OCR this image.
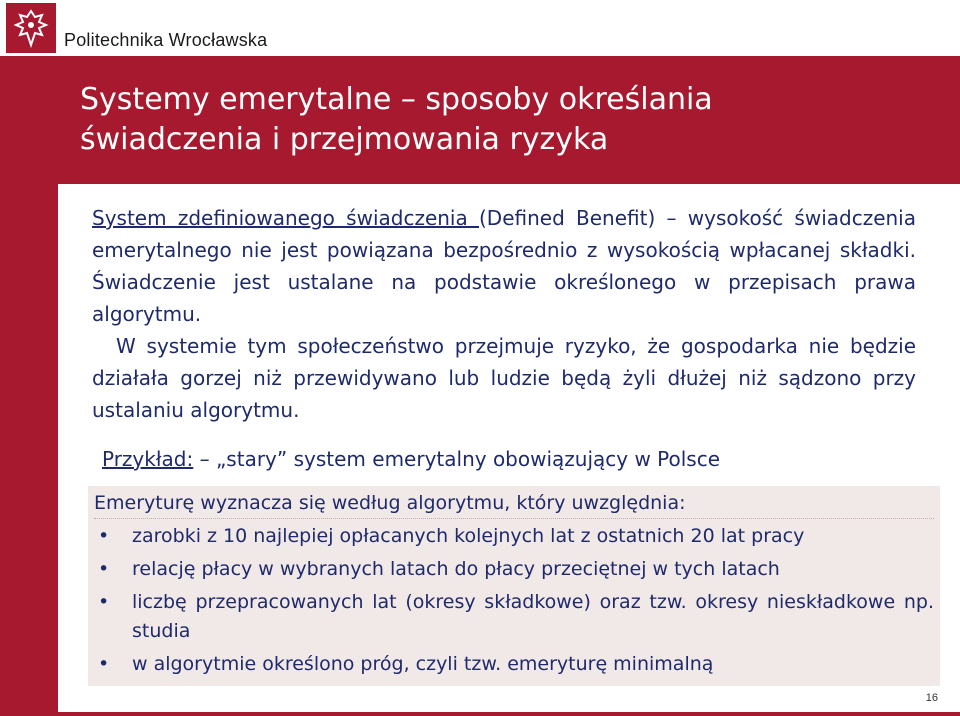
Politechnika Wrocławska
Systemy emerytalne – sposoby określania
świadczenia i przejmowania ryzyka

System zdefiniowanego świadczenia (Defined Benefit) – wysokość świadczenia emerytalnego nie jest powiązana bezpośrednio z wysokością wpłacanej składki. Świadczenie jest ustalane na podstawie określonego w przepisach prawa algorytmu.

W systemie tym społeczeństwo przejmuje ryzyko, że gospodarka nie będzie działała gorzej niż przewidywano lub ludzie będą żyli dłużej niż sądzono przy ustalaniu algorytmu.

Przykład: – „stary” system emerytalny obowiązujący w Polsce
Emeryturę wyznacza się według algorytmu, który uwzględnia:
• zarobki z 10 najlepiej opłacanych kolejnych lat z ostatnich 20 lat pracy
• relację płacy w wybranych latach do płacy przeciętnej w tych latach
• liczbę przepracowanych lat (okresy składkowe) oraz tzw. okresy nieskładkowe np. studia
• w algorytmie określono próg, czyli tzw. emeryturę minimalną
16
